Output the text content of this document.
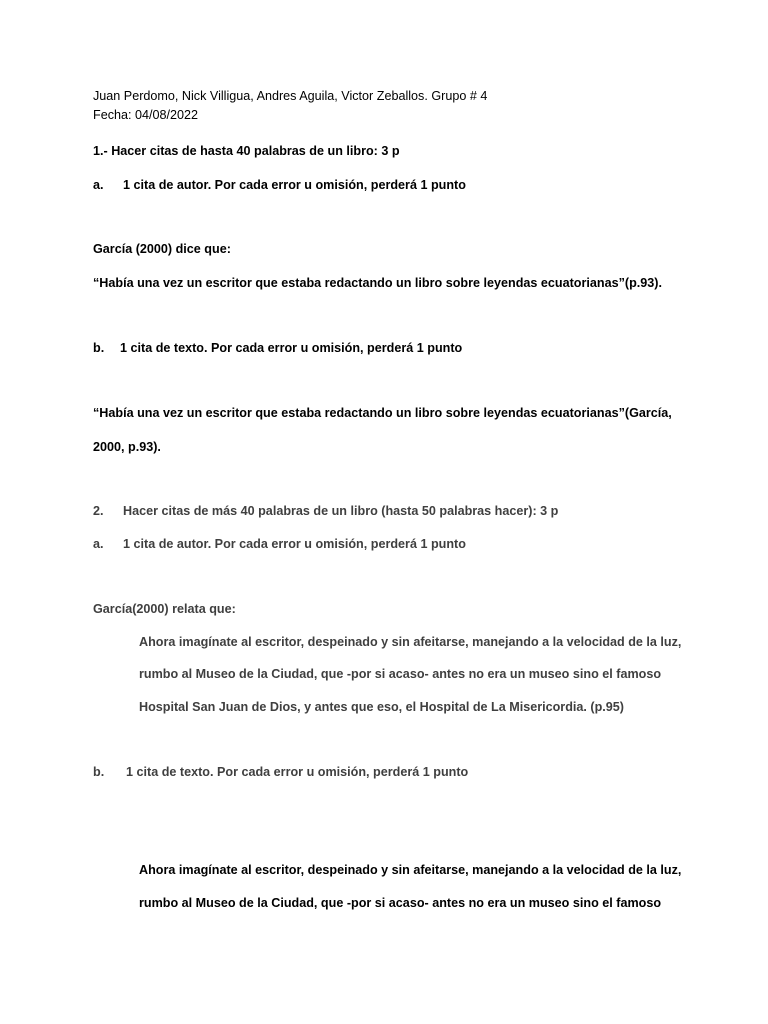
Juan Perdomo, Nick Villigua, Andres Aguila, Victor Zeballos. Grupo # 4
Fecha: 04/08/2022
1.- Hacer citas de hasta 40 palabras de un libro: 3 p
a. 1 cita de autor. Por cada error u omisión, perderá 1 punto
García (2000) dice que:
“Había una vez un escritor que estaba redactando un libro sobre leyendas ecuatorianas”(p.93).
b. 1 cita de texto. Por cada error u omisión, perderá 1 punto
“Había una vez un escritor que estaba redactando un libro sobre leyendas ecuatorianas”(García,
2000, p.93).
2. Hacer citas de más 40 palabras de un libro (hasta 50 palabras hacer): 3 p
a. 1 cita de autor. Por cada error u omisión, perderá 1 punto
García(2000) relata que:
Ahora imagínate al escritor, despeinado y sin afeitarse, manejando a la velocidad de la luz,
rumbo al Museo de la Ciudad, que -por si acaso- antes no era un museo sino el famoso
Hospital San Juan de Dios, y antes que eso, el Hospital de La Misericordia. (p.95)
b. 1 cita de texto. Por cada error u omisión, perderá 1 punto
Ahora imagínate al escritor, despeinado y sin afeitarse, manejando a la velocidad de la luz,
rumbo al Museo de la Ciudad, que -por si acaso- antes no era un museo sino el famoso
